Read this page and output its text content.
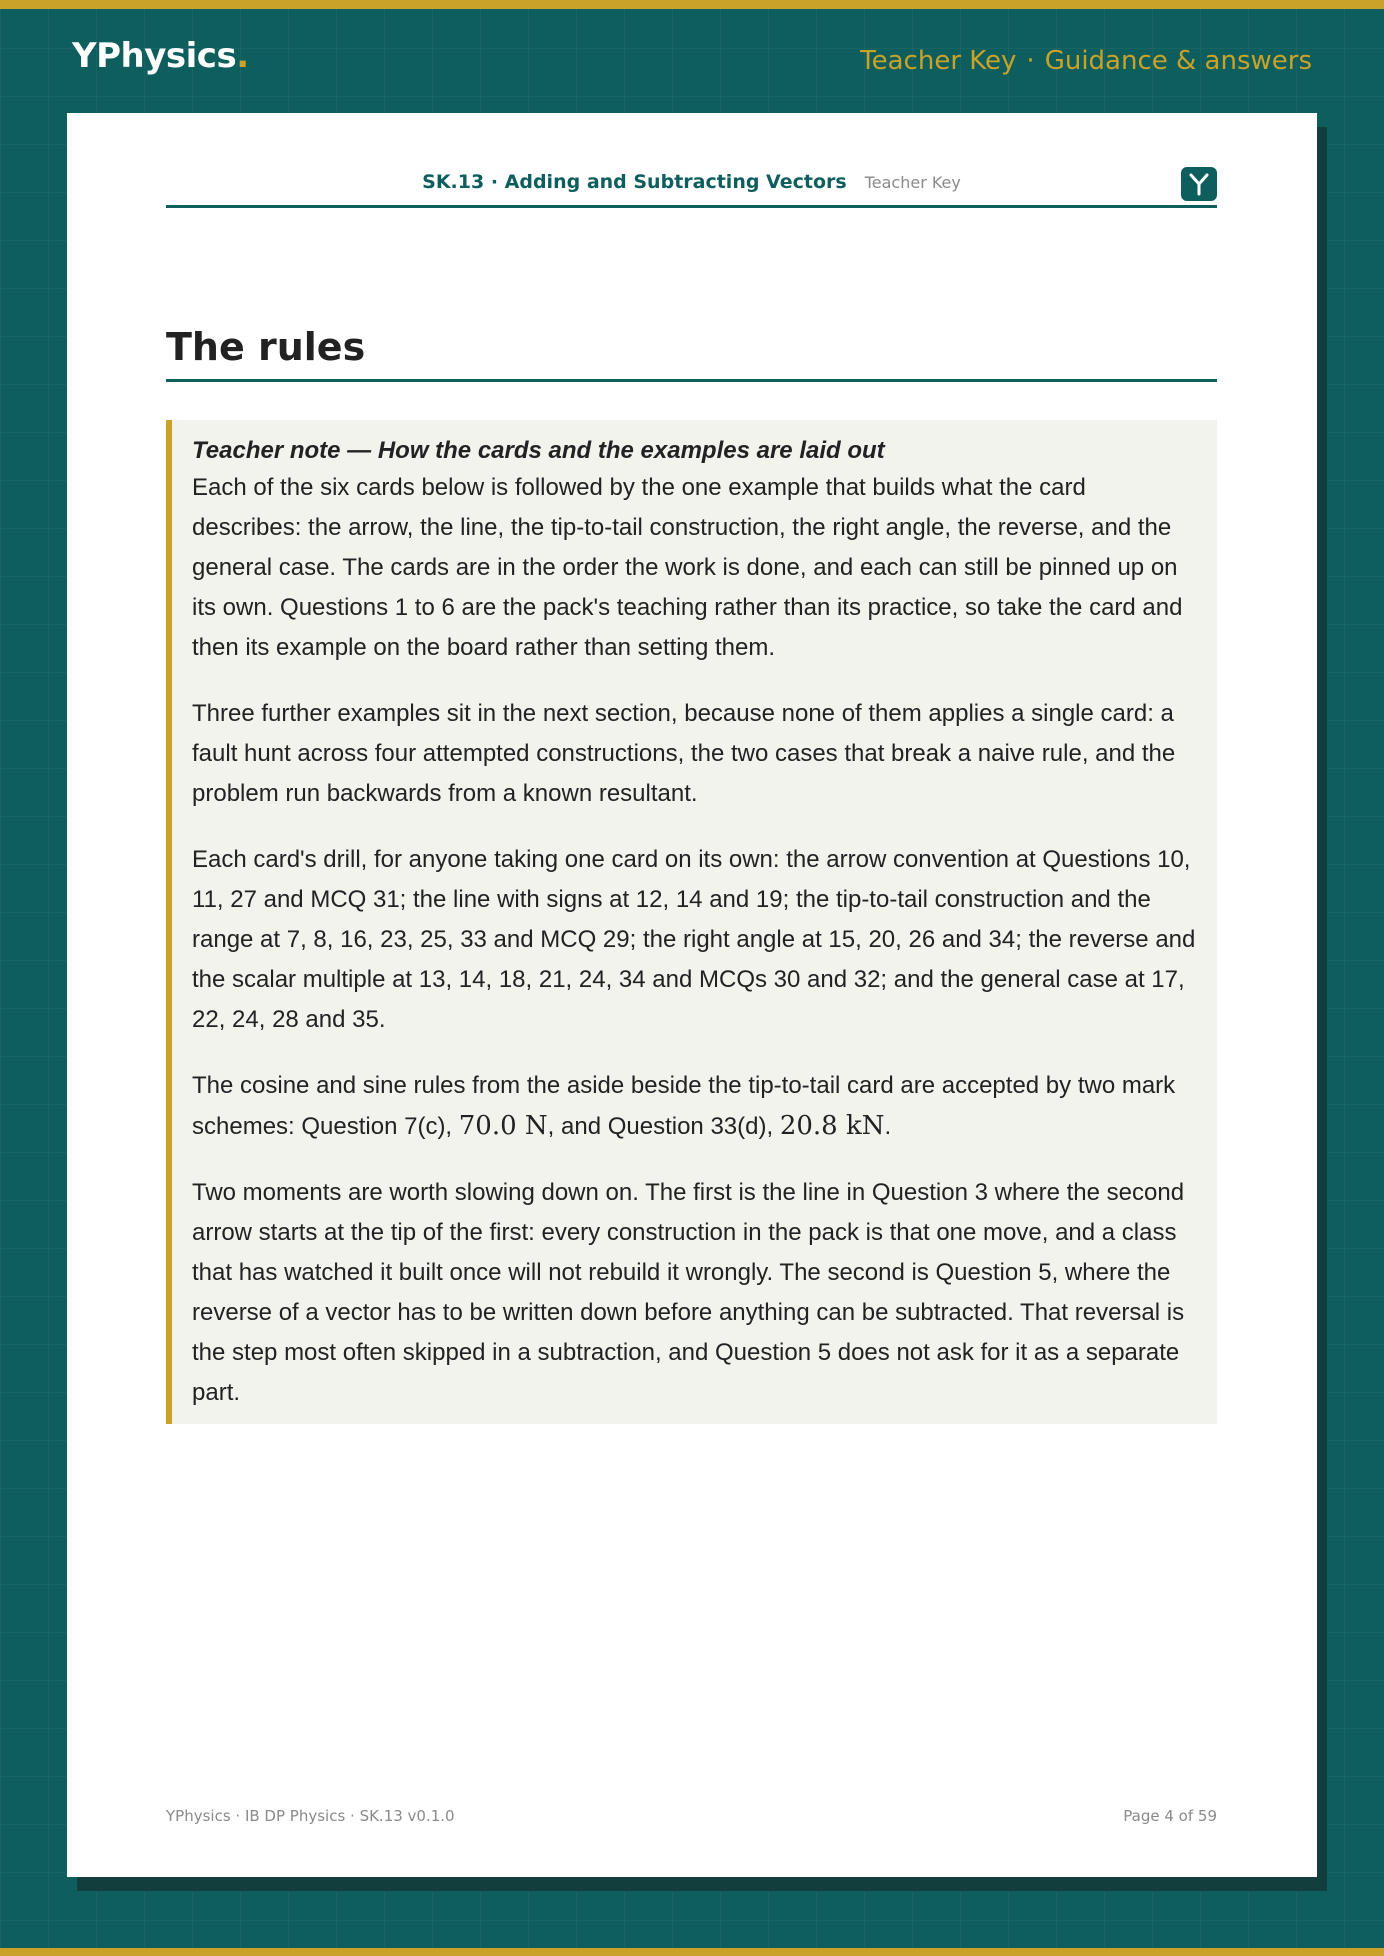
YPhysics.	Teacher Key · Guidance & answers
SK.13 · Adding and Subtracting Vectors Teacher Key
The rules
Teacher note — How the cards and the examples are laid out

Each of the six cards below is followed by the one example that builds what the card describes: the arrow, the line, the tip-to-tail construction, the right angle, the reverse, and the general case. The cards are in the order the work is done, and each can still be pinned up on its own. Questions 1 to 6 are the pack's teaching rather than its practice, so take the card and then its example on the board rather than setting them.

Three further examples sit in the next section, because none of them applies a single card: a fault hunt across four attempted constructions, the two cases that break a naive rule, and the problem run backwards from a known resultant.

Each card's drill, for anyone taking one card on its own: the arrow convention at Questions 10, 11, 27 and MCQ 31; the line with signs at 12, 14 and 19; the tip-to-tail construction and the range at 7, 8, 16, 23, 25, 33 and MCQ 29; the right angle at 15, 20, 26 and 34; the reverse and the scalar multiple at 13, 14, 18, 21, 24, 34 and MCQs 30 and 32; and the general case at 17, 22, 24, 28 and 35.

The cosine and sine rules from the aside beside the tip-to-tail card are accepted by two mark schemes: Question 7(c), 70.0 N, and Question 33(d), 20.8 kN.

Two moments are worth slowing down on. The first is the line in Question 3 where the second arrow starts at the tip of the first: every construction in the pack is that one move, and a class that has watched it built once will not rebuild it wrongly. The second is Question 5, where the reverse of a vector has to be written down before anything can be subtracted. That reversal is the step most often skipped in a subtraction, and Question 5 does not ask for it as a separate part.

YPhysics · IB DP Physics · SK.13 v0.1.0	Page 4 of 59
